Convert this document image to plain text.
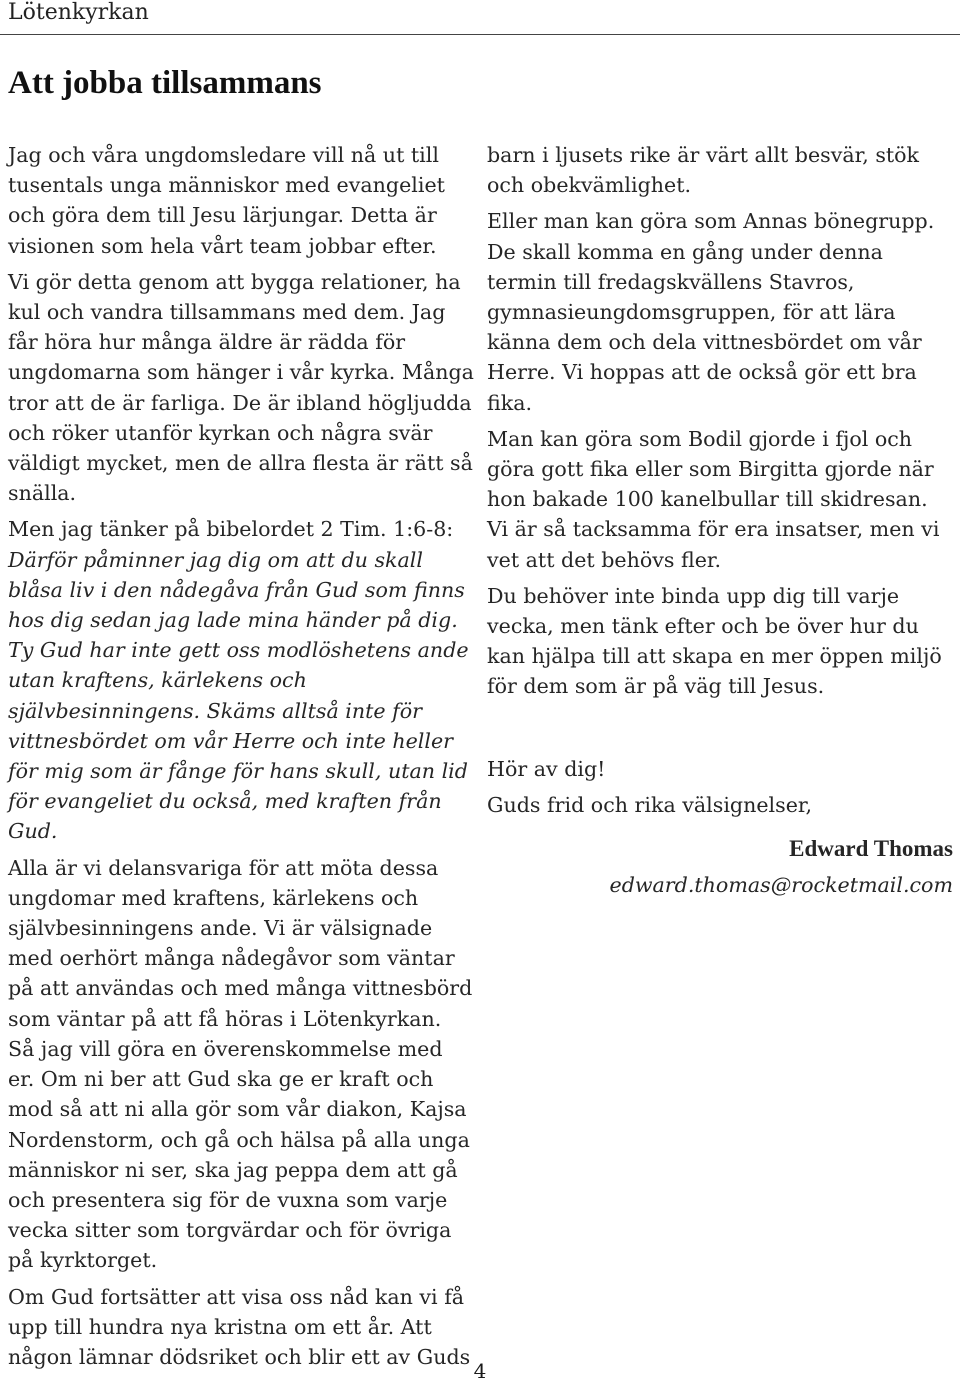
Lötenkyrkan
Att jobba tillsammans

Jag och våra ungdomsledare vill nå ut till tusentals unga människor med evangeliet och göra dem till Jesu lärjungar. Detta är visionen som hela vårt team jobbar efter.

Vi gör detta genom att bygga relationer, ha kul och vandra tillsammans med dem. Jag får höra hur många äldre är rädda för ungdomarna som hänger i vår kyrka. Många tror att de är farliga. De är ibland högljudda och röker utanför kyrkan och några svär väldigt mycket, men de allra flesta är rätt så snälla.

Men jag tänker på bibelordet 2 Tim. 1:6-8: Därför påminner jag dig om att du skall blåsa liv i den nådegåva från Gud som finns hos dig sedan jag lade mina händer på dig. Ty Gud har inte gett oss modlöshetens ande utan kraftens, kärlekens och självbesinningens. Skäms alltså inte för vittnesbördet om vår Herre och inte heller för mig som är fånge för hans skull, utan lid för evangeliet du också, med kraften från Gud.

Alla är vi delansvariga för att möta dessa ungdomar med kraftens, kärlekens och självbesinningens ande. Vi är välsignade med oerhört många nådegåvor som väntar på att användas och med många vittnesbörd som väntar på att få höras i Lötenkyrkan. Så jag vill göra en överenskommelse med er. Om ni ber att Gud ska ge er kraft och mod så att ni alla gör som vår diakon, Kajsa Nordenstorm, och gå och hälsa på alla unga människor ni ser, ska jag peppa dem att gå och presentera sig för de vuxna som varje vecka sitter som torgvärdar och för övriga på kyrktorget.

Om Gud fortsätter att visa oss nåd kan vi få upp till hundra nya kristna om ett år. Att någon lämnar dödsriket och blir ett av Guds

barn i ljusets rike är värt allt besvär, stök och obekvämlighet.

Eller man kan göra som Annas bönegrupp. De skall komma en gång under denna termin till fredagskvällens Stavros, gymnasieungdomsgruppen, för att lära känna dem och dela vittnesbördet om vår Herre. Vi hoppas att de också gör ett bra fika.

Man kan göra som Bodil gjorde i fjol och göra gott fika eller som Birgitta gjorde när hon bakade 100 kanelbullar till skidresan. Vi är så tacksamma för era insatser, men vi vet att det behövs fler.

Du behöver inte binda upp dig till varje vecka, men tänk efter och be över hur du kan hjälpa till att skapa en mer öppen miljö för dem som är på väg till Jesus.

Hör av dig!

Guds frid och rika välsignelser,

Edward Thomas

edward.thomas@rocketmail.com

4
